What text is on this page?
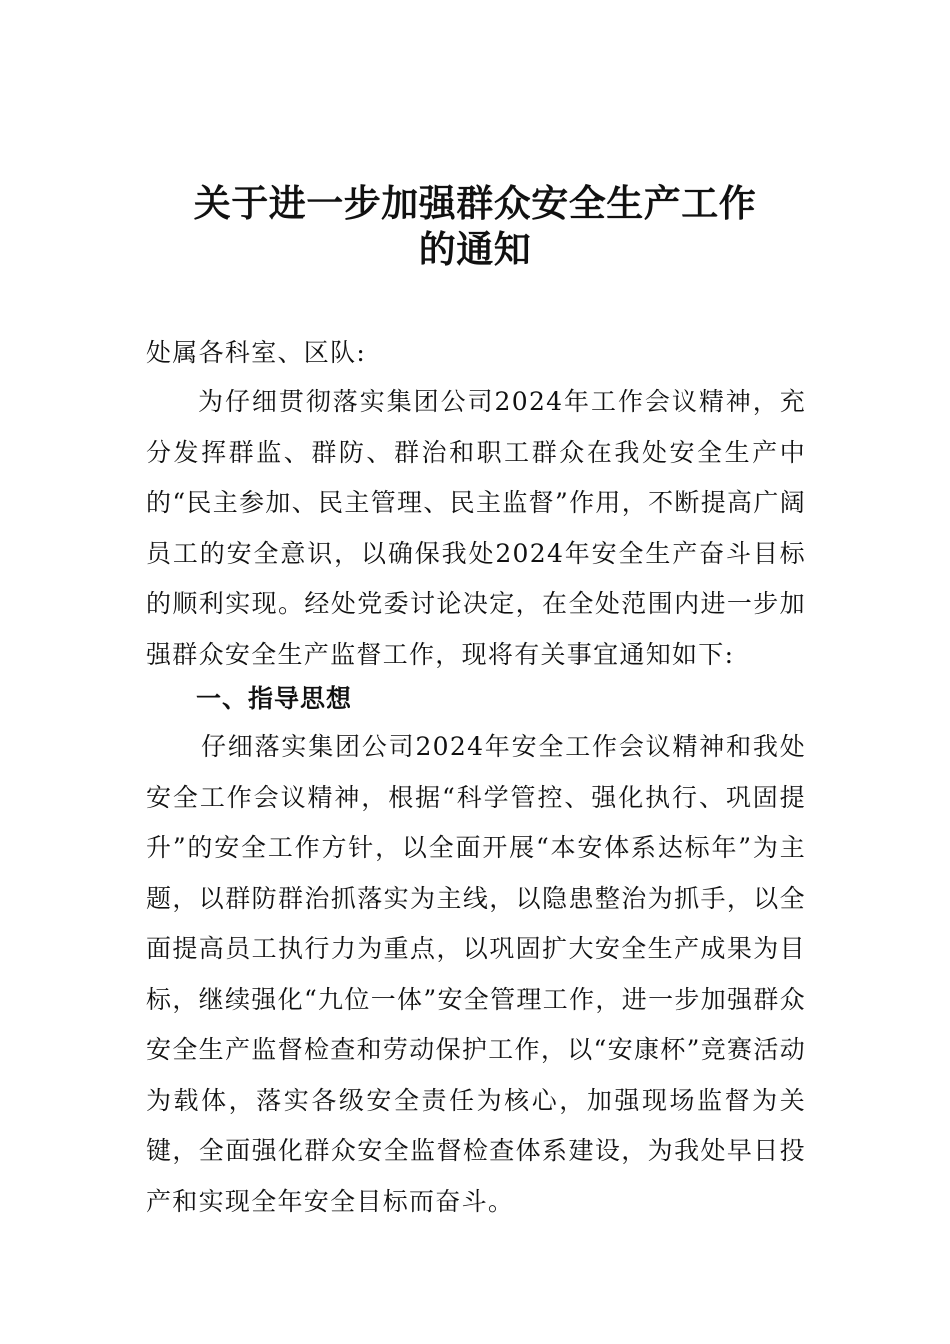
关于进一步加强群众安全生产工作
的通知
处属各科室、区队:
为仔细贯彻落实集团公司2024年工作会议精神，充分发挥群监、群防、群治和职工群众在我处安全生产中的“民主参加、民主管理、民主监督”作用，不断提高广阔员工的安全意识，以确保我处2024年安全生产奋斗目标的顺利实现。经处党委讨论决定，在全处范围内进一步加强群众安全生产监督工作，现将有关事宜通知如下:
一、指导思想
仔细落实集团公司2024年安全工作会议精神和我处安全工作会议精神，根据“科学管控、强化执行、巩固提升”的安全工作方针，以全面开展“本安体系达标年”为主题，以群防群治抓落实为主线，以隐患整治为抓手，以全面提高员工执行力为重点，以巩固扩大安全生产成果为目标，继续强化“九位一体”安全管理工作，进一步加强群众安全生产监督检查和劳动保护工作，以“安康杯”竞赛活动为载体，落实各级安全责任为核心，加强现场监督为关键，全面强化群众安全监督检查体系建设，为我处早日投产和实现全年安全目标而奋斗。
